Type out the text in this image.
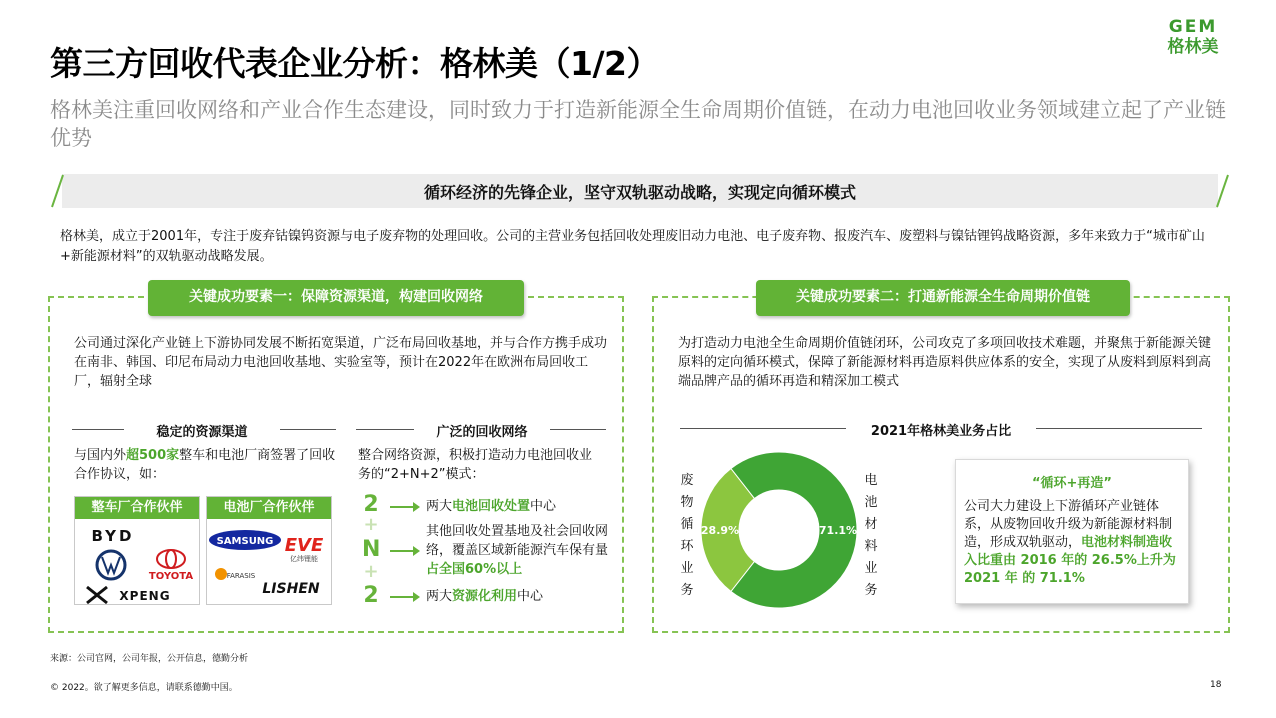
第三方回收代表企业分析：格林美（1/2）
GEM
格林美
格林美注重回收网络和产业合作生态建设，同时致力于打造新能源全生命周期价值链，在动力电池回收业务领域建立起了产业链优势
循环经济的先锋企业，坚守双轨驱动战略，实现定向循环模式
格林美，成立于2001年，专注于废弃钴镍钨资源与电子废弃物的处理回收。公司的主营业务包括回收处理废旧动力电池、电子废弃物、报废汽车、废塑料与镍钴锂钨战略资源，多年来致力于“城市矿山+新能源材料”的双轨驱动战略发展。
关键成功要素一：保障资源渠道，构建回收网络
公司通过深化产业链上下游协同发展不断拓宽渠道，广泛布局回收基地，并与合作方携手成功在南非、韩国、印尼布局动力电池回收基地、实验室等，预计在2022年在欧洲布局回收工厂，辐射全球
稳定的资源渠道
与国内外超500家整车和电池厂商签署了回收合作协议，如：
整车厂合作伙伴
BYD
TOYOTA
XPENG
电池厂合作伙伴
SAMSUNG EVE
亿纬锂能
FARASIS
LISHEN
广泛的回收网络
整合网络资源，积极打造动力电池回收业务的“2+N+2”模式：
2	两大电池回收处置中心
+
N
其他回收处置基地及社会回收网络，覆盖区域新能源汽车保有量占全国60%以上
+
2	两大资源化利用中心
关键成功要素二：打通新能源全生命周期价值链
为打造动力电池全生命周期价值链闭环，公司攻克了多项回收技术难题，并聚焦于新能源关键原料的定向循环模式，保障了新能源材料再造原料供应体系的安全，实现了从废料到原料到高端品牌产品的循环再造和精深加工模式
2021年格林美业务占比
废
物
循
环
业
务
电
池
材
料
业
务
28.9%	71.1%
“循环+再造”
公司大力建设上下游循环产业链体系，从废物回收升级为新能源材料制造，形成双轨驱动，电池材料制造收入比重由 2016 年的 26.5%上升为 2021 年 的 71.1%
来源：公司官网，公司年报，公开信息，德勤分析
© 2022。欲了解更多信息，请联系德勤中国。	18
